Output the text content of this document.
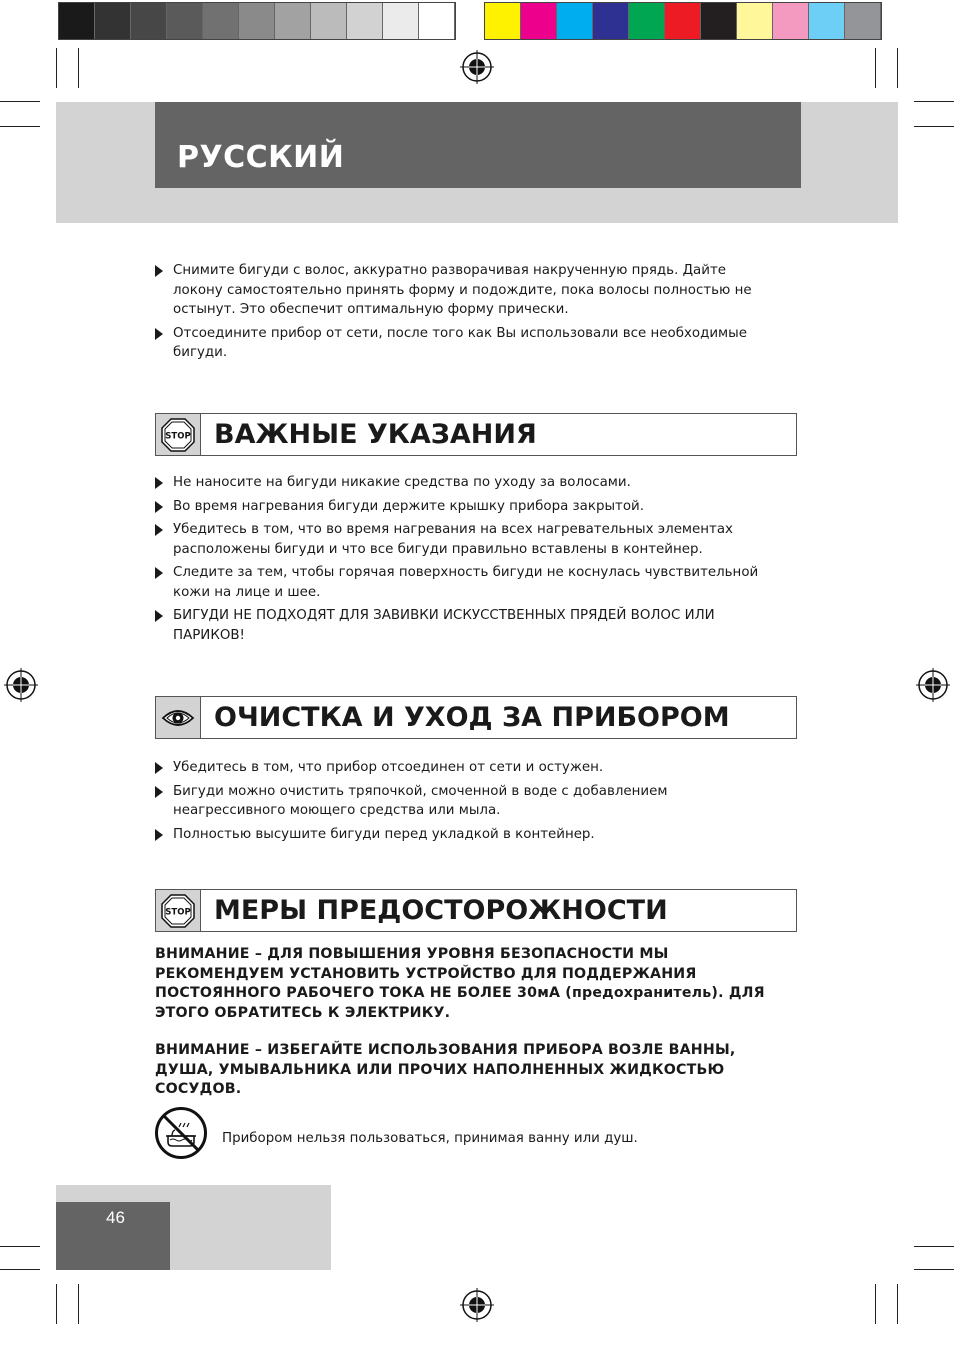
РУССКИЙ
Снимите бигуди с волос, аккуратно разворачивая накрученную прядь. Дайте локону самостоятельно принять форму и подождите, пока волосы полностью не остынут. Это обеспечит оптимальную форму прически.
Отсоедините прибор от сети, после того как Вы использовали все необходимые бигуди.
STOP ВАЖНЫЕ УКАЗАНИЯ
Не наносите на бигуди никакие средства по уходу за волосами.
Во время нагревания бигуди держите крышку прибора закрытой.
Убедитесь в том, что во время нагревания на всех нагревательных элементах расположены бигуди и что все бигуди правильно вставлены в контейнер.
Следите за тем, чтобы горячая поверхность бигуди не коснулась чувствительной кожи на лице и шее.
БИГУДИ НЕ ПОДХОДЯТ ДЛЯ ЗАВИВКИ ИСКУССТВЕННЫХ ПРЯДЕЙ ВОЛОС ИЛИ ПАРИКОВ!
ОЧИСТКА И УХОД ЗА ПРИБОРОМ
Убедитесь в том, что прибор отсоединен от сети и остужен.
Бигуди можно очистить тряпочкой, смоченной в воде с добавлением неагрессивного моющего средства или мыла.
Полностью высушите бигуди перед укладкой в контейнер.
STOP МЕРЫ ПРЕДОСТОРОЖНОСТИ
ВНИМАНИЕ – ДЛЯ ПОВЫШЕНИЯ УРОВНЯ БЕЗОПАСНОСТИ МЫ РЕКОМЕНДУЕМ УСТАНОВИТЬ УСТРОЙСТВО ДЛЯ ПОДДЕРЖАНИЯ ПОСТОЯННОГО РАБОЧЕГО ТОКА НЕ БОЛЕЕ 30мА (предохранитель). ДЛЯ ЭТОГО ОБРАТИТЕСЬ К ЭЛЕКТРИКУ.
ВНИМАНИЕ – ИЗБЕГАЙТЕ ИСПОЛЬЗОВАНИЯ ПРИБОРА ВОЗЛЕ ВАННЫ, ДУША, УМЫВАЛЬНИКА ИЛИ ПРОЧИХ НАПОЛНЕННЫХ ЖИДКОСТЬЮ СОСУДОВ.
Прибором нельзя пользоваться, принимая ванну или душ.
46
